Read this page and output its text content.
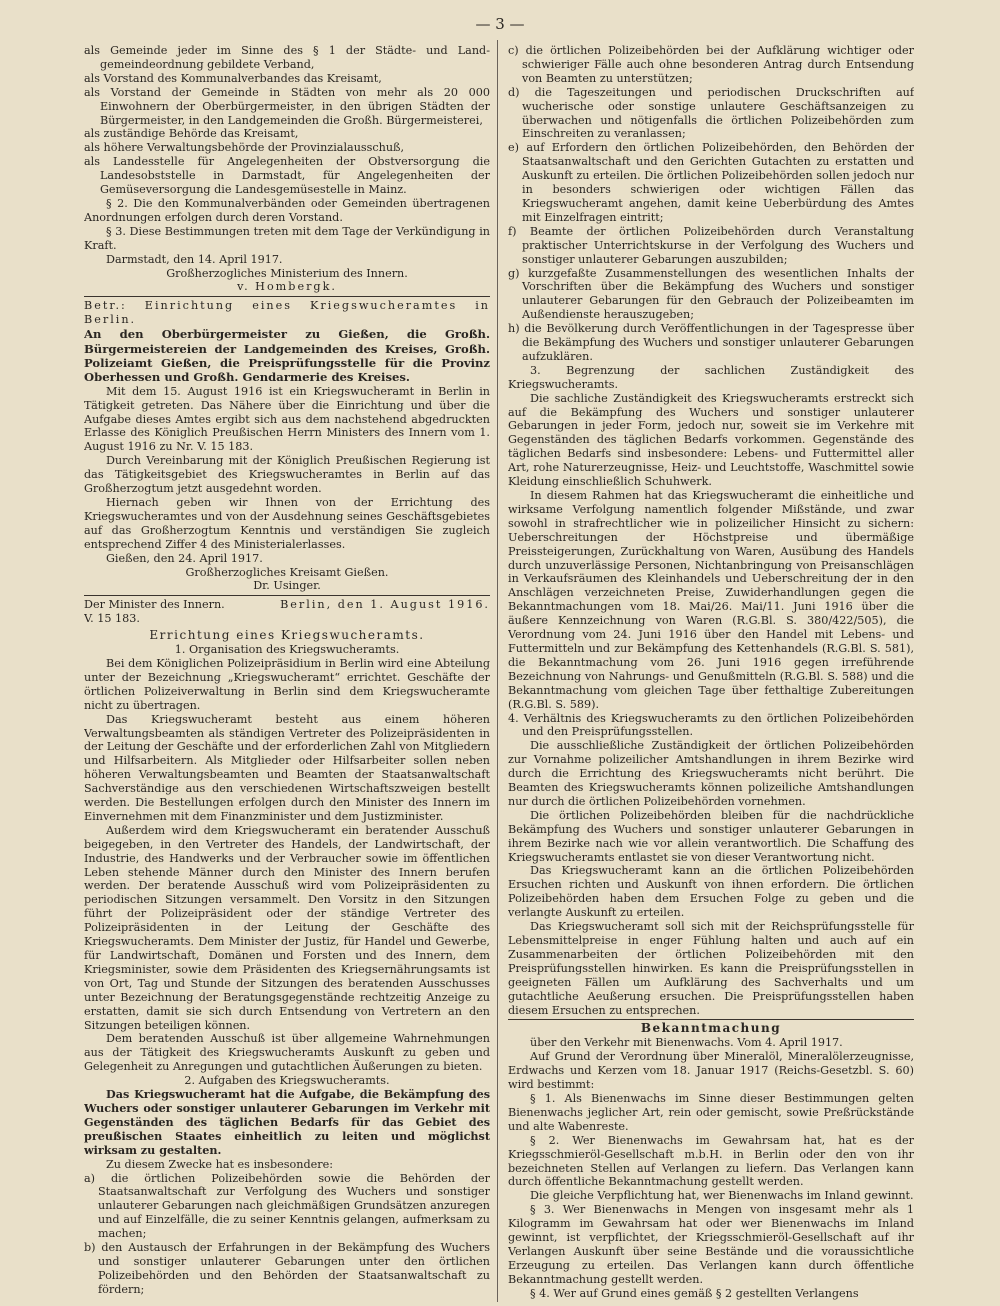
— 3 —

als Gemeinde jeder im Sinne des § 1 der Städte- und Land-gemeindeordnung gebildete Verband,

als Vorstand des Kommunalverbandes das Kreisamt,

als Vorstand der Gemeinde in Städten von mehr als 20 000 Einwohnern der Oberbürgermeister, in den übrigen Städten der Bürgermeister, in den Landgemeinden die Großh. Bürgermeisterei,

als zuständige Behörde das Kreisamt,

als höhere Verwaltungsbehörde der Provinzialausschuß,

als Landesstelle für Angelegenheiten der Obstversorgung die Landesobststelle in Darmstadt, für Angelegenheiten der Gemüseversorgung die Landesgemüsestelle in Mainz.

§ 2. Die den Kommunalverbänden oder Gemeinden übertragenen Anordnungen erfolgen durch deren Vorstand.

§ 3. Diese Bestimmungen treten mit dem Tage der Verkündigung in Kraft.

Darmstadt, den 14. April 1917.

Großherzogliches Ministerium des Innern.

v. Hombergk.

Betr.: Einrichtung eines Kriegswucheramtes in Berlin.

An den Oberbürgermeister zu Gießen, die Großh. Bürgermeistereien der Landgemeinden des Kreises, Großh. Polizeiamt Gießen, die Preisprüfungsstelle für die Provinz Oberhessen und Großh. Gendarmerie des Kreises.

Mit dem 15. August 1916 ist ein Kriegswucheramt in Berlin in Tätigkeit getreten. Das Nähere über die Einrichtung und über die Aufgabe dieses Amtes ergibt sich aus dem nachstehend abgedruckten Erlasse des Königlich Preußischen Herrn Ministers des Innern vom 1. August 1916 zu Nr. V. 15 183.

Durch Vereinbarung mit der Königlich Preußischen Regierung ist das Tätigkeitsgebiet des Kriegswucheramtes in Berlin auf das Großherzogtum jetzt ausgedehnt worden.

Hiernach geben wir Ihnen von der Errichtung des Kriegswucheramtes und von der Ausdehnung seines Geschäftsgebietes auf das Großherzogtum Kenntnis und verständigen Sie zugleich entsprechend Ziffer 4 des Ministerialerlasses.

Gießen, den 24. April 1917.

Großherzogliches Kreisamt Gießen.

Dr. Usinger.

Der Minister des Innern.	Berlin, den 1. August 1916.

V. 15 183.

Errichtung eines Kriegswucheramts.

1. Organisation des Kriegswucheramts.

Bei dem Königlichen Polizeipräsidium in Berlin wird eine Abteilung unter der Bezeichnung „Kriegswucheramt“ errichtet. Geschäfte der örtlichen Polizeiverwaltung in Berlin sind dem Kriegswucheramte nicht zu übertragen.

Das Kriegswucheramt besteht aus einem höheren Verwaltungsbeamten als ständigen Vertreter des Polizeipräsidenten in der Leitung der Geschäfte und der erforderlichen Zahl von Mitgliedern und Hilfsarbeitern. Als Mitglieder oder Hilfsarbeiter sollen neben höheren Verwaltungsbeamten und Beamten der Staatsanwaltschaft Sachverständige aus den verschiedenen Wirtschaftszweigen bestellt werden. Die Bestellungen erfolgen durch den Minister des Innern im Einvernehmen mit dem Finanzminister und dem Justizminister.

Außerdem wird dem Kriegswucheramt ein beratender Ausschuß beigegeben, in den Vertreter des Handels, der Landwirtschaft, der Industrie, des Handwerks und der Verbraucher sowie im öffentlichen Leben stehende Männer durch den Minister des Innern berufen werden. Der beratende Ausschuß wird vom Polizeipräsidenten zu periodischen Sitzungen versammelt. Den Vorsitz in den Sitzungen führt der Polizeipräsident oder der ständige Vertreter des Polizeipräsidenten in der Leitung der Geschäfte des Kriegswucheramts. Dem Minister der Justiz, für Handel und Gewerbe, für Landwirtschaft, Domänen und Forsten und des Innern, dem Kriegsminister, sowie dem Präsidenten des Kriegsernährungsamts ist von Ort, Tag und Stunde der Sitzungen des beratenden Ausschusses unter Bezeichnung der Beratungsgegenstände rechtzeitig Anzeige zu erstatten, damit sie sich durch Entsendung von Vertretern an den Sitzungen beteiligen können.

Dem beratenden Ausschuß ist über allgemeine Wahrnehmungen aus der Tätigkeit des Kriegswucheramts Auskunft zu geben und Gelegenheit zu Anregungen und gutachtlichen Äußerungen zu bieten.

2. Aufgaben des Kriegswucheramts.

Das Kriegswucheramt hat die Aufgabe, die Bekämpfung des Wuchers oder sonstiger unlauterer Gebarungen im Verkehr mit Gegenständen des täglichen Bedarfs für das Gebiet des preußischen Staates einheitlich zu leiten und möglichst wirksam zu gestalten.

Zu diesem Zwecke hat es insbesondere:

a) die örtlichen Polizeibehörden sowie die Behörden der Staatsanwaltschaft zur Verfolgung des Wuchers und sonstiger unlauterer Gebarungen nach gleichmäßigen Grundsätzen anzuregen und auf Einzelfälle, die zu seiner Kenntnis gelangen, aufmerksam zu machen;

b) den Austausch der Erfahrungen in der Bekämpfung des Wuchers und sonstiger unlauterer Gebarungen unter den örtlichen Polizeibehörden und den Behörden der Staatsanwaltschaft zu fördern;

c) die örtlichen Polizeibehörden bei der Aufklärung wichtiger oder schwieriger Fälle auch ohne besonderen Antrag durch Entsendung von Beamten zu unterstützen;

d) die Tageszeitungen und periodischen Druckschriften auf wucherische oder sonstige unlautere Geschäftsanzeigen zu überwachen und nötigenfalls die örtlichen Polizeibehörden zum Einschreiten zu veranlassen;

e) auf Erfordern den örtlichen Polizeibehörden, den Behörden der Staatsanwaltschaft und den Gerichten Gutachten zu erstatten und Auskunft zu erteilen. Die örtlichen Polizeibehörden sollen jedoch nur in besonders schwierigen oder wichtigen Fällen das Kriegswucheramt angehen, damit keine Ueberbürdung des Amtes mit Einzelfragen eintritt;

f) Beamte der örtlichen Polizeibehörden durch Veranstaltung praktischer Unterrichtskurse in der Verfolgung des Wuchers und sonstiger unlauterer Gebarungen auszubilden;

g) kurzgefaßte Zusammenstellungen des wesentlichen Inhalts der Vorschriften über die Bekämpfung des Wuchers und sonstiger unlauterer Gebarungen für den Gebrauch der Polizeibeamten im Außendienste herauszugeben;

h) die Bevölkerung durch Veröffentlichungen in der Tagespresse über die Bekämpfung des Wuchers und sonstiger unlauterer Gebarungen aufzuklären.

3. Begrenzung der sachlichen Zuständigkeit des Kriegswucheramts.

Die sachliche Zuständigkeit des Kriegswucheramts erstreckt sich auf die Bekämpfung des Wuchers und sonstiger unlauterer Gebarungen in jeder Form, jedoch nur, soweit sie im Verkehre mit Gegenständen des täglichen Bedarfs vorkommen. Gegenstände des täglichen Bedarfs sind insbesondere: Lebens- und Futtermittel aller Art, rohe Naturerzeugnisse, Heiz- und Leuchtstoffe, Waschmittel sowie Kleidung einschließlich Schuhwerk.

In diesem Rahmen hat das Kriegswucheramt die einheitliche und wirksame Verfolgung namentlich folgender Mißstände, und zwar sowohl in strafrechtlicher wie in polizeilicher Hinsicht zu sichern: Ueberschreitungen der Höchstpreise und übermäßige Preissteigerungen, Zurückhaltung von Waren, Ausübung des Handels durch unzuverlässige Personen, Nichtanbringung von Preisanschlägen in Verkaufsräumen des Kleinhandels und Ueberschreitung der in den Anschlägen verzeichneten Preise, Zuwiderhandlungen gegen die Bekanntmachungen vom 18. Mai/26. Mai/11. Juni 1916 über die äußere Kennzeichnung von Waren (R.G.Bl. S. 380/422/505), die Verordnung vom 24. Juni 1916 über den Handel mit Lebens- und Futtermitteln und zur Bekämpfung des Kettenhandels (R.G.Bl. S. 581), die Bekanntmachung vom 26. Juni 1916 gegen irreführende Bezeichnung von Nahrungs- und Genußmitteln (R.G.Bl. S. 588) und die Bekanntmachung vom gleichen Tage über fetthaltige Zubereitungen (R.G.Bl. S. 589).

4. Verhältnis des Kriegswucheramts zu den örtlichen Polizeibehörden und den Preisprüfungsstellen.

Die ausschließliche Zuständigkeit der örtlichen Polizeibehörden zur Vornahme polizeilicher Amtshandlungen in ihrem Bezirke wird durch die Errichtung des Kriegswucheramts nicht berührt. Die Beamten des Kriegswucheramts können polizeiliche Amtshandlungen nur durch die örtlichen Polizeibehörden vornehmen.

Die örtlichen Polizeibehörden bleiben für die nachdrückliche Bekämpfung des Wuchers und sonstiger unlauterer Gebarungen in ihrem Bezirke nach wie vor allein verantwortlich. Die Schaffung des Kriegswucheramts entlastet sie von dieser Verantwortung nicht.

Das Kriegswucheramt kann an die örtlichen Polizeibehörden Ersuchen richten und Auskunft von ihnen erfordern. Die örtlichen Polizeibehörden haben dem Ersuchen Folge zu geben und die verlangte Auskunft zu erteilen.

Das Kriegswucheramt soll sich mit der Reichsprüfungsstelle für Lebensmittelpreise in enger Fühlung halten und auch auf ein Zusammenarbeiten der örtlichen Polizeibehörden mit den Preisprüfungsstellen hinwirken. Es kann die Preisprüfungsstellen in geeigneten Fällen um Aufklärung des Sachverhalts und um gutachtliche Aeußerung ersuchen. Die Preisprüfungsstellen haben diesem Ersuchen zu entsprechen.

Bekanntmachung

über den Verkehr mit Bienenwachs. Vom 4. April 1917.

Auf Grund der Verordnung über Mineralöl, Mineralölerzeugnisse, Erdwachs und Kerzen vom 18. Januar 1917 (Reichs-Gesetzbl. S. 60) wird bestimmt:

§ 1. Als Bienenwachs im Sinne dieser Bestimmungen gelten Bienenwachs jeglicher Art, rein oder gemischt, sowie Preßrückstände und alte Wabenreste.

§ 2. Wer Bienenwachs im Gewahrsam hat, hat es der Kriegsschmieröl-Gesellschaft m.b.H. in Berlin oder den von ihr bezeichneten Stellen auf Verlangen zu liefern. Das Verlangen kann durch öffentliche Bekanntmachung gestellt werden.

Die gleiche Verpflichtung hat, wer Bienenwachs im Inland gewinnt.

§ 3. Wer Bienenwachs in Mengen von insgesamt mehr als 1 Kilogramm im Gewahrsam hat oder wer Bienenwachs im Inland gewinnt, ist verpflichtet, der Kriegsschmieröl-Gesellschaft auf ihr Verlangen Auskunft über seine Bestände und die voraussichtliche Erzeugung zu erteilen. Das Verlangen kann durch öffentliche Bekanntmachung gestellt werden.

§ 4. Wer auf Grund eines gemäß § 2 gestellten Verlangens
